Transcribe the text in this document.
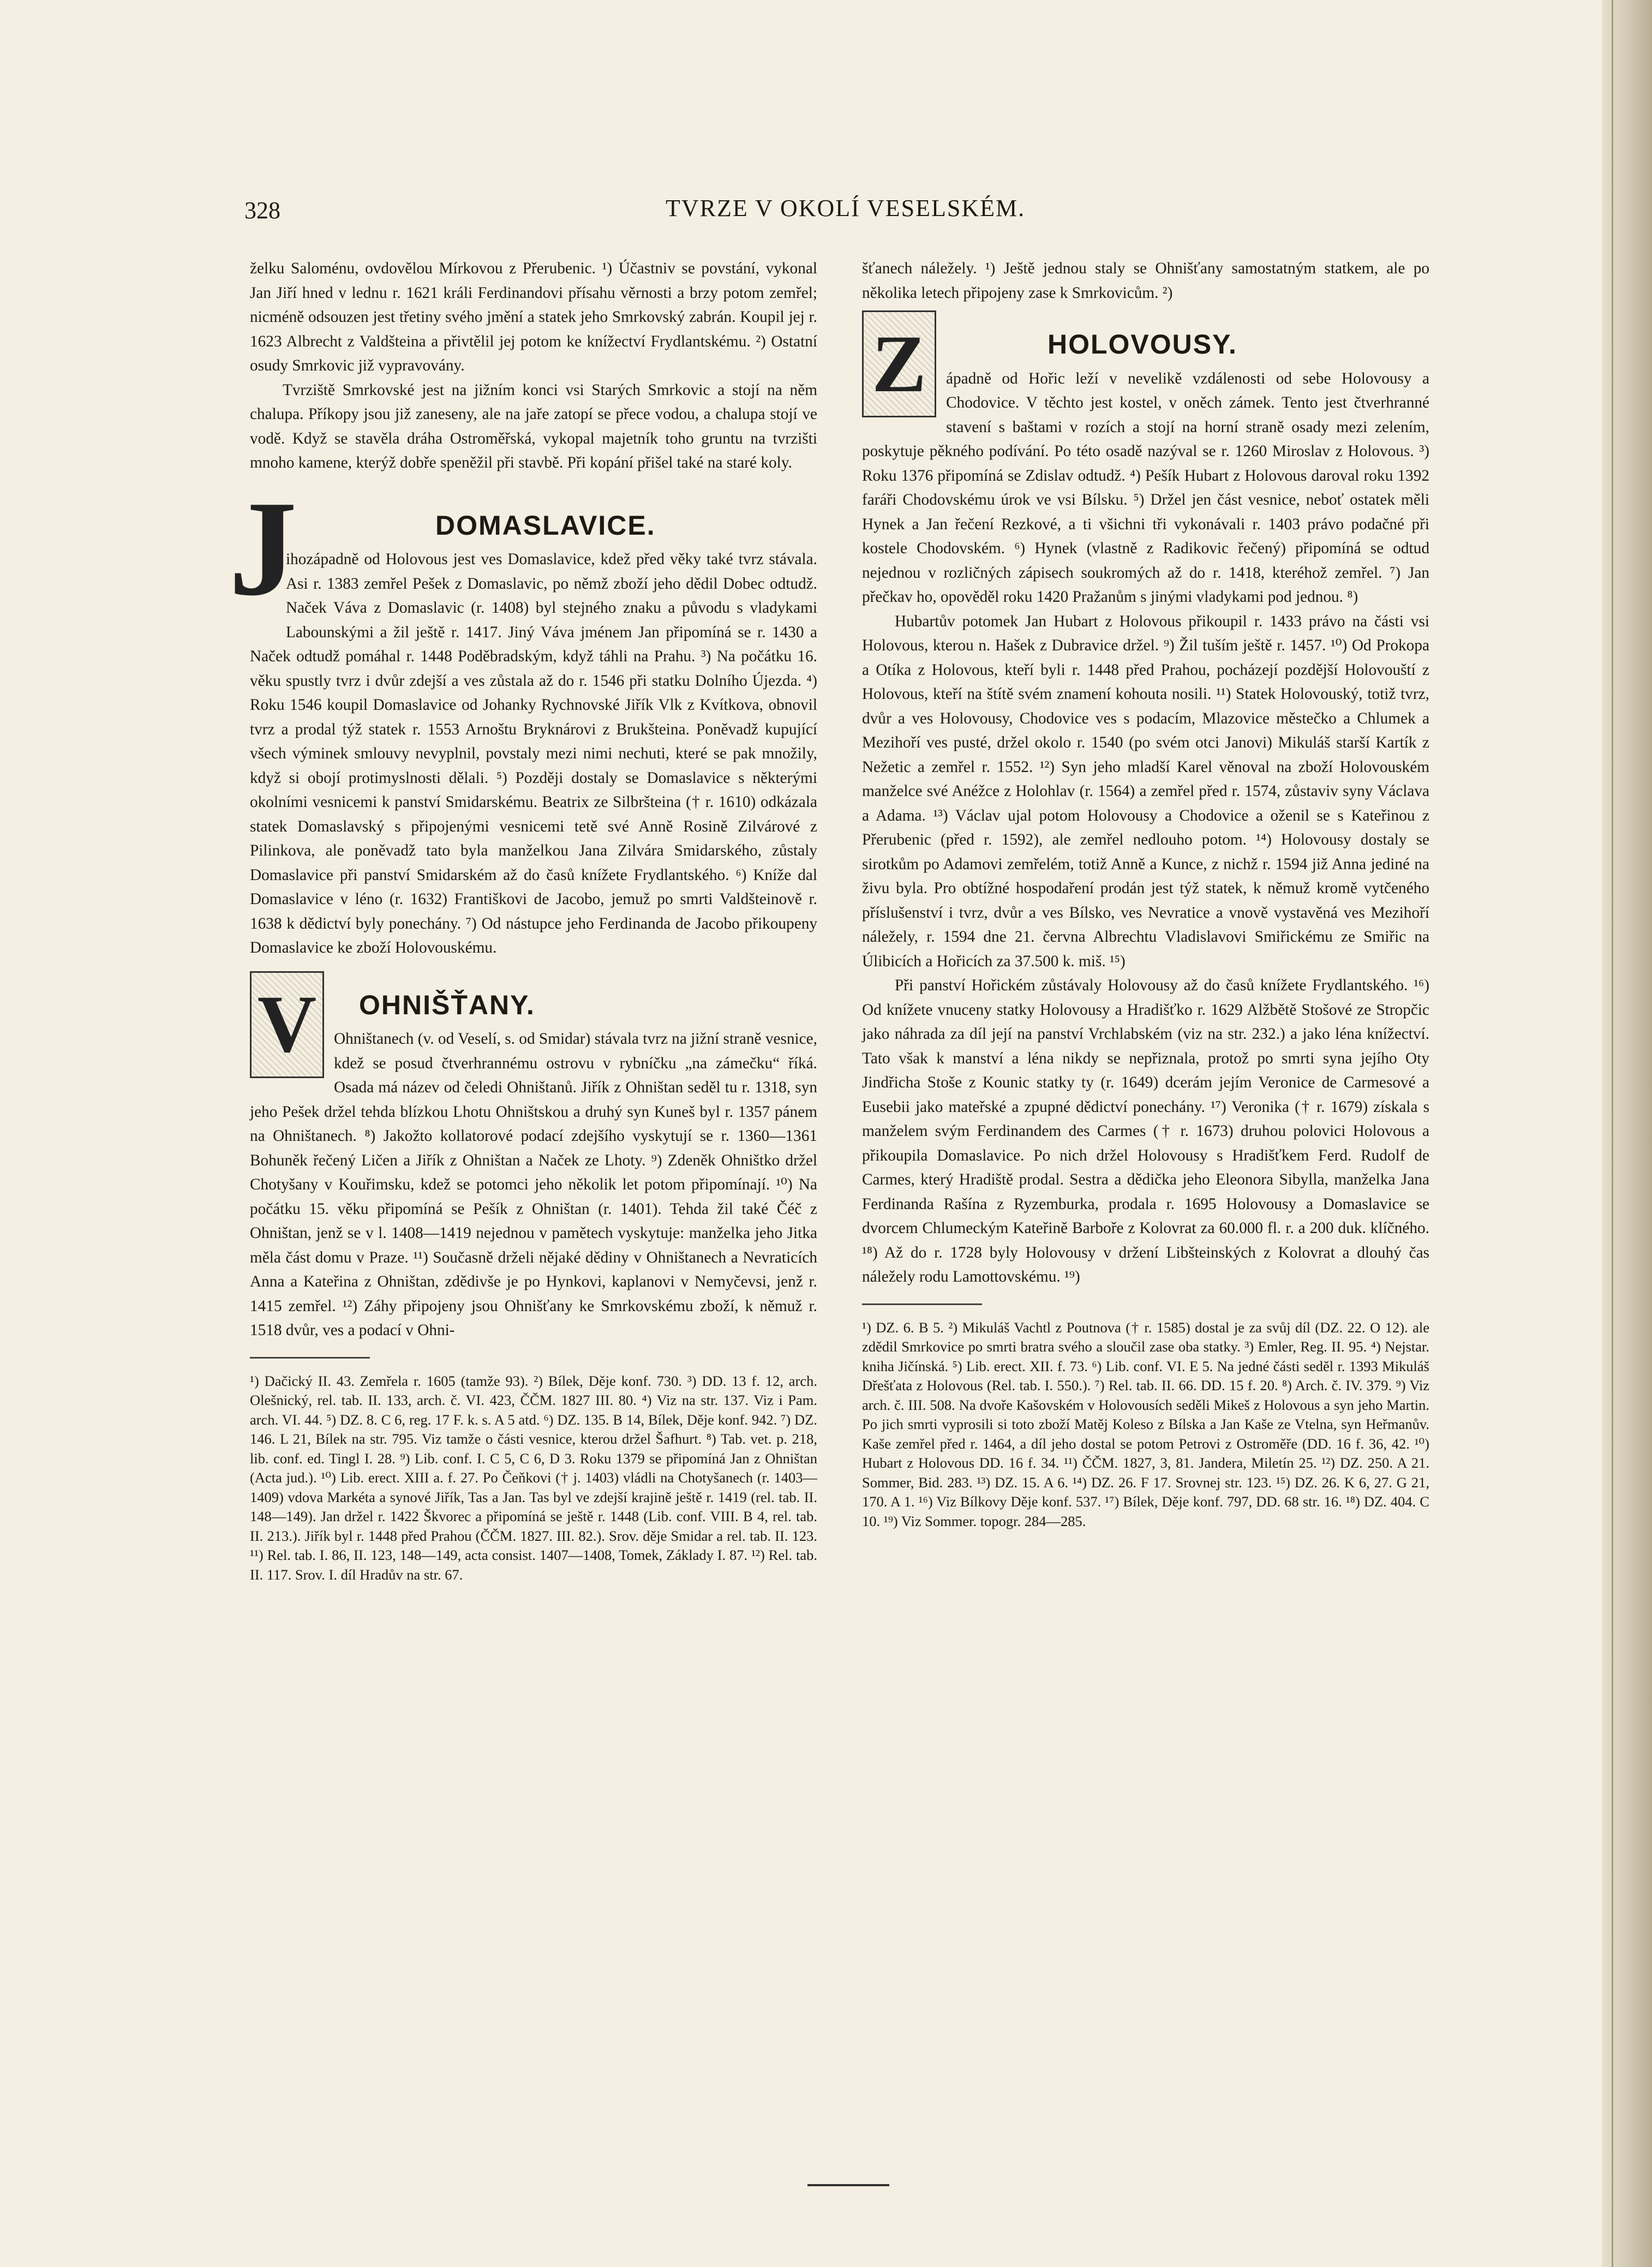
328	TVRZE V OKOLÍ VESELSKÉM.

želku Saloménu, ovdovělou Mírkovou z Přerubenic. ¹) Účastniv se povstání, vykonal Jan Jiří hned v lednu r. 1621 králi Ferdinandovi přísahu věrnosti a brzy potom zemřel; nicméně odsouzen jest třetiny svého jmění a statek jeho Smrkovský zabrán. Koupil jej r. 1623 Albrecht z Valdšteina a přivtělil jej potom ke knížectví Frydlantskému. ²) Ostatní osudy Smrkovic již vypravovány.

Tvrziště Smrkovské jest na jižním konci vsi Starých Smrkovic a stojí na něm chalupa. Příkopy jsou již zaneseny, ale na jaře zatopí se přece vodou, a chalupa stojí ve vodě. Když se stavěla dráha Ostroměřská, vykopal majetník toho gruntu na tvrzišti mnoho kamene, kterýž dobře speněžil při stavbě. Při kopání přišel také na staré koly.

J	DOMASLAVICE.

ihozápadně od Holovous jest ves Domaslavice, kdež před věky také tvrz stávala. Asi r. 1383 zemřel Pešek z Domaslavic, po němž zboží jeho dědil Dobec odtudž. Naček Váva z Domaslavic (r. 1408) byl stejného znaku a původu s vladykami Labounskými a žil ještě r. 1417. Jiný Váva jménem Jan připomíná se r. 1430 a Naček odtudž pomáhal r. 1448 Poděbradským, když táhli na Prahu. ³) Na počátku 16. věku spustly tvrz i dvůr zdejší a ves zůstala až do r. 1546 při statku Dolního Újezda. ⁴) Roku 1546 koupil Domaslavice od Johanky Rychnovské Jiřík Vlk z Kvítkova, obnovil tvrz a prodal týž statek r. 1553 Arnoštu Bryknárovi z Brukšteina. Poněvadž kupující všech výminek smlouvy nevyplnil, povstaly mezi nimi nechuti, které se pak množily, když si obojí protimyslnosti dělali. ⁵) Později dostaly se Domaslavice s některými okolními vesnicemi k panství Smidarskému. Beatrix ze Silbršteina († r. 1610) odkázala statek Domaslavský s připojenými vesnicemi tetě své Anně Rosině Zilvárové z Pilinkova, ale poněvadž tato byla manželkou Jana Zilvára Smidarského, zůstaly Domaslavice při panství Smidarském až do časů knížete Frydlantského. ⁶) Kníže dal Domaslavice v léno (r. 1632) Františkovi de Jacobo, jemuž po smrti Valdšteinově r. 1638 k dědictví byly ponechány. ⁷) Od nástupce jeho Ferdinanda de Jacobo přikoupeny Domaslavice ke zboží Holovouskému.

V OHNIŠŤANY.

Ohništanech (v. od Veselí, s. od Smidar) stávala tvrz na jižní straně vesnice, kdež se posud čtverhrannému ostrovu v rybníčku „na zámečku“ říká. Osada má název od čeledi Ohništanů. Jiřík z Ohništan seděl tu r. 1318, syn jeho Pešek držel tehda blízkou Lhotu Ohništskou a druhý syn Kuneš byl r. 1357 pánem na Ohništanech. ⁸) Jakožto kollatorové podací zdejšího vyskytují se r. 1360—1361 Bohuněk řečený Ličen a Jiřík z Ohništan a Naček ze Lhoty. ⁹) Zdeněk Ohništko držel Chotyšany v Kouřimsku, kdež se potomci jeho několik let potom připomínají. ¹⁰) Na počátku 15. věku připomíná se Pešík z Ohništan (r. 1401). Tehda žil také Čéč z Ohništan, jenž se v l. 1408—1419 nejednou v pamětech vyskytuje: manželka jeho Jitka měla část domu v Praze. ¹¹) Současně drželi nějaké dědiny v Ohništanech a Nevraticích Anna a Kateřina z Ohništan, zdědivše je po Hynkovi, kaplanovi v Nemyčevsi, jenž r. 1415 zemřel. ¹²) Záhy připojeny jsou Ohnišťany ke Smrkovskému zboží, k němuž r. 1518 dvůr, ves a podací v Ohni-

¹) Dačický II. 43. Zemřela r. 1605 (tamže 93). ²) Bílek, Děje konf. 730. ³) DD. 13 f. 12, arch. Olešnický, rel. tab. II. 133, arch. č. VI. 423, ČČM. 1827 III. 80. ⁴) Viz na str. 137. Viz i Pam. arch. VI. 44. ⁵) DZ. 8. C 6, reg. 17 F. k. s. A 5 atd. ⁶) DZ. 135. B 14, Bílek, Děje konf. 942. ⁷) DZ. 146. L 21, Bílek na str. 795. Viz tamže o části vesnice, kterou držel Šafhurt. ⁸) Tab. vet. p. 218, lib. conf. ed. Tingl I. 28. ⁹) Lib. conf. I. C 5, C 6, D 3. Roku 1379 se připomíná Jan z Ohništan (Acta jud.). ¹⁰) Lib. erect. XIII a. f. 27. Po Čeňkovi († j. 1403) vládli na Chotyšanech (r. 1403—1409) vdova Markéta a synové Jiřík, Tas a Jan. Tas byl ve zdejší krajině ještě r. 1419 (rel. tab. II. 148—149). Jan držel r. 1422 Škvorec a připomíná se ještě r. 1448 (Lib. conf. VIII. B 4, rel. tab. II. 213.). Jiřík byl r. 1448 před Prahou (ČČM. 1827. III. 82.). Srov. děje Smidar a rel. tab. II. 123. ¹¹) Rel. tab. I. 86, II. 123, 148—149, acta consist. 1407—1408, Tomek, Základy I. 87. ¹²) Rel. tab. II. 117. Srov. I. díl Hradův na str. 67.

šťanech náležely. ¹) Ještě jednou staly se Ohnišťany samostatným statkem, ale po několika letech připojeny zase k Smrkovicům. ²)

Z	HOLOVOUSY.

ápadně od Hořic leží v nevelikě vzdálenosti od sebe Holovousy a Chodovice. V těchto jest kostel, v oněch zámek. Tento jest čtverhranné stavení s baštami v rozích a stojí na horní straně osady mezi zelením, poskytuje pěkného podívání. Po této osadě nazýval se r. 1260 Miroslav z Holovous. ³) Roku 1376 připomíná se Zdislav odtudž. ⁴) Pešík Hubart z Holovous daroval roku 1392 faráři Chodovskému úrok ve vsi Bílsku. ⁵) Držel jen část vesnice, neboť ostatek měli Hynek a Jan řečení Rezkové, a ti všichni tři vykonávali r. 1403 právo podačné při kostele Chodovském. ⁶) Hynek (vlastně z Radikovic řečený) připomíná se odtud nejednou v rozličných zápisech soukromých až do r. 1418, kteréhož zemřel. ⁷) Jan přečkav ho, opověděl roku 1420 Pražanům s jinými vladykami pod jednou. ⁸)

Hubartův potomek Jan Hubart z Holovous přikoupil r. 1433 právo na části vsi Holovous, kterou n. Hašek z Dubravice držel. ⁹) Žil tuším ještě r. 1457. ¹⁰) Od Prokopa a Otíka z Holovous, kteří byli r. 1448 před Prahou, pocházejí pozdější Holovouští z Holovous, kteří na štítě svém znamení kohouta nosili. ¹¹) Statek Holovouský, totiž tvrz, dvůr a ves Holovousy, Chodovice ves s podacím, Mlazovice městečko a Chlumek a Mezihoří ves pusté, držel okolo r. 1540 (po svém otci Janovi) Mikuláš starší Kartík z Nežetic a zemřel r. 1552. ¹²) Syn jeho mladší Karel věnoval na zboží Holovouském manželce své Anéžce z Holohlav (r. 1564) a zemřel před r. 1574, zůstaviv syny Václava a Adama. ¹³) Václav ujal potom Holovousy a Chodovice a oženil se s Kateřinou z Přerubenic (před r. 1592), ale zemřel nedlouho potom. ¹⁴) Holovousy dostaly se sirotkům po Adamovi zemřelém, totiž Anně a Kunce, z nichž r. 1594 již Anna jediné na živu byla. Pro obtížné hospodaření prodán jest týž statek, k němuž kromě vytčeného příslušenství i tvrz, dvůr a ves Bílsko, ves Nevratice a vnově vystavěná ves Mezihoří náležely, r. 1594 dne 21. června Albrechtu Vladislavovi Smiřickému ze Smiřic na Úlibicích a Hořicích za 37.500 k. miš. ¹⁵)

Při panství Hořickém zůstávaly Holovousy až do časů knížete Frydlantského. ¹⁶) Od knížete vnuceny statky Holovousy a Hradišťko r. 1629 Alžbětě Stošové ze Stropčic jako náhrada za díl její na panství Vrchlabském (viz na str. 232.) a jako léna knížectví. Tato však k manství a léna nikdy se nepřiznala, protož po smrti syna jejího Oty Jindřicha Stoše z Kounic statky ty (r. 1649) dcerám jejím Veronice de Carmesové a Eusebii jako mateřské a zpupné dědictví ponechány. ¹⁷) Veronika († r. 1679) získala s manželem svým Ferdinandem des Carmes († r. 1673) druhou polovici Holovous a přikoupila Domaslavice. Po nich držel Holovousy s Hradišťkem Ferd. Rudolf de Carmes, který Hradiště prodal. Sestra a dědička jeho Eleonora Sibylla, manželka Jana Ferdinanda Rašína z Ryzemburka, prodala r. 1695 Holovousy a Domaslavice se dvorcem Chlumeckým Kateřině Barboře z Kolovrat za 60.000 fl. r. a 200 duk. klíčného. ¹⁸) Až do r. 1728 byly Holovousy v držení Libšteinských z Kolovrat a dlouhý čas náležely rodu Lamottovskému. ¹⁹)

¹) DZ. 6. B 5. ²) Mikuláš Vachtl z Poutnova († r. 1585) dostal je za svůj díl (DZ. 22. O 12). ale zdědil Smrkovice po smrti bratra svého a sloučil zase oba statky. ³) Emler, Reg. II. 95. ⁴) Nejstar. kniha Jičínská. ⁵) Lib. erect. XII. f. 73. ⁶) Lib. conf. VI. E 5. Na jedné části seděl r. 1393 Mikuláš Dřešťata z Holovous (Rel. tab. I. 550.). ⁷) Rel. tab. II. 66. DD. 15 f. 20. ⁸) Arch. č. IV. 379. ⁹) Viz arch. č. III. 508. Na dvoře Kašovském v Holovousích seděli Mikeš z Holovous a syn jeho Martin. Po jich smrti vyprosili si toto zboží Matěj Koleso z Bílska a Jan Kaše ze Vtelna, syn Heřmanův. Kaše zemřel před r. 1464, a díl jeho dostal se potom Petrovi z Ostroměře (DD. 16 f. 36, 42. ¹⁰) Hubart z Holovous DD. 16 f. 34. ¹¹) ČČM. 1827, 3, 81. Jandera, Miletín 25. ¹²) DZ. 250. A 21. Sommer, Bid. 283. ¹³) DZ. 15. A 6. ¹⁴) DZ. 26. F 17. Srovnej str. 123. ¹⁵) DZ. 26. K 6, 27. G 21, 170. A 1. ¹⁶) Viz Bílkovy Děje konf. 537. ¹⁷) Bílek, Děje konf. 797, DD. 68 str. 16. ¹⁸) DZ. 404. C 10. ¹⁹) Viz Sommer. topogr. 284—285.
